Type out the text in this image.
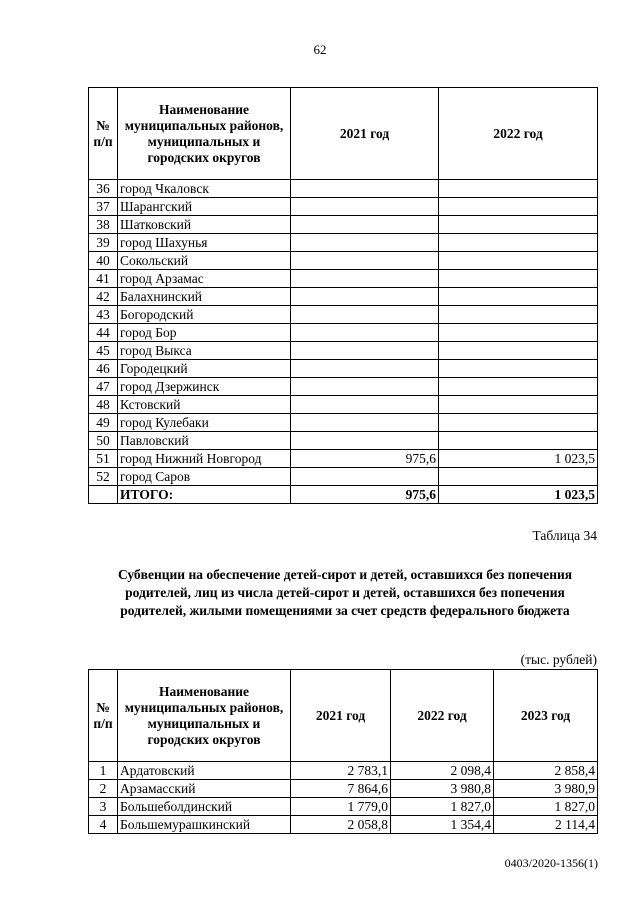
62
№ п/п	Наименование муниципальных районов, муниципальных и городских округов	2021 год	2022 год
36	город Чкаловск		
37	Шарангский		
38	Шатковский		
39	город Шахунья		
40	Сокольский		
41	город Арзамас		
42	Балахнинский		
43	Богородский		
44	город Бор		
45	город Выкса		
46	Городецкий		
47	город Дзержинск		
48	Кстовский		
49	город Кулебаки		
50	Павловский		
51	город Нижний Новгород	975,6	1 023,5
52	город Саров		
	ИТОГО:	975,6	1 023,5
Таблица 34
Субвенции на обеспечение детей-сирот и детей, оставшихся без попечения родителей, лиц из числа детей-сирот и детей, оставшихся без попечения родителей, жилыми помещениями за счет средств федерального бюджета
(тыс. рублей)
№ п/п	Наименование муниципальных районов, муниципальных и городских округов	2021 год	2022 год	2023 год
1	Ардатовский	2 783,1	2 098,4	2 858,4
2	Арзамасский	7 864,6	3 980,8	3 980,9
3	Большеболдинский	1 779,0	1 827,0	1 827,0
4	Большемурашкинский	2 058,8	1 354,4	2 114,4
0403/2020-1356(1)
